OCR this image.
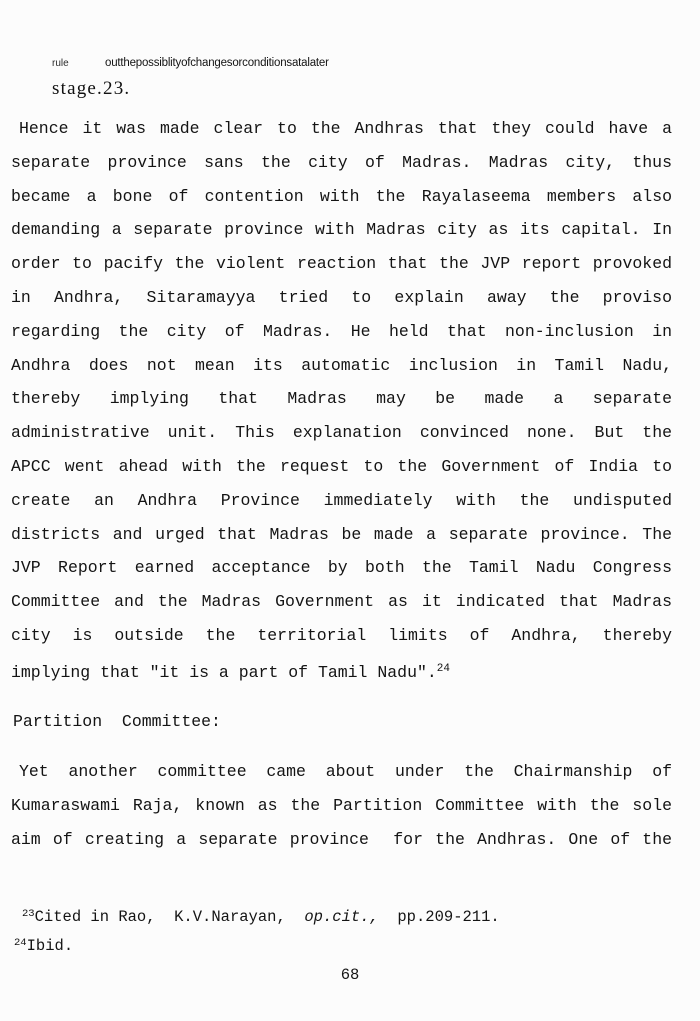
rule	outthepossiblityofchangesorconditionsatalater
stage.23.
Hence it was made clear to the Andhras that they could have a
separate province sans the city of Madras. Madras city, thus
became a bone of contention with the Rayalaseema members also
demanding a separate province with Madras city as its capital. In
order to pacify the violent reaction that the JVP report provoked
in Andhra, Sitaramayya tried to explain away the proviso
regarding the city of Madras. He held that non-inclusion in
Andhra does not mean its automatic inclusion in Tamil Nadu,
thereby implying that Madras may be made a separate
administrative unit. This explanation convinced none. But the
APCC went ahead with the request to the Government of India to
create an Andhra Province immediately with the undisputed
districts and urged that Madras be made a separate province. The
JVP Report earned acceptance by both the Tamil Nadu Congress
Committee and the Madras Government as it indicated that Madras
city is outside the territorial limits of Andhra, thereby
implying that "it is a part of Tamil Nadu".$^{24}$
Partition  Committee:
Yet another committee came about under the Chairmanship of
Kumaraswami Raja, known as the Partition Committee with the sole
aim of creating a separate province  for the Andhras. One of the
$^{23}$Cited in Rao,  K.V.Narayan,  op.cit.,  pp.209-211.
$^{24}$Ibid.
68
